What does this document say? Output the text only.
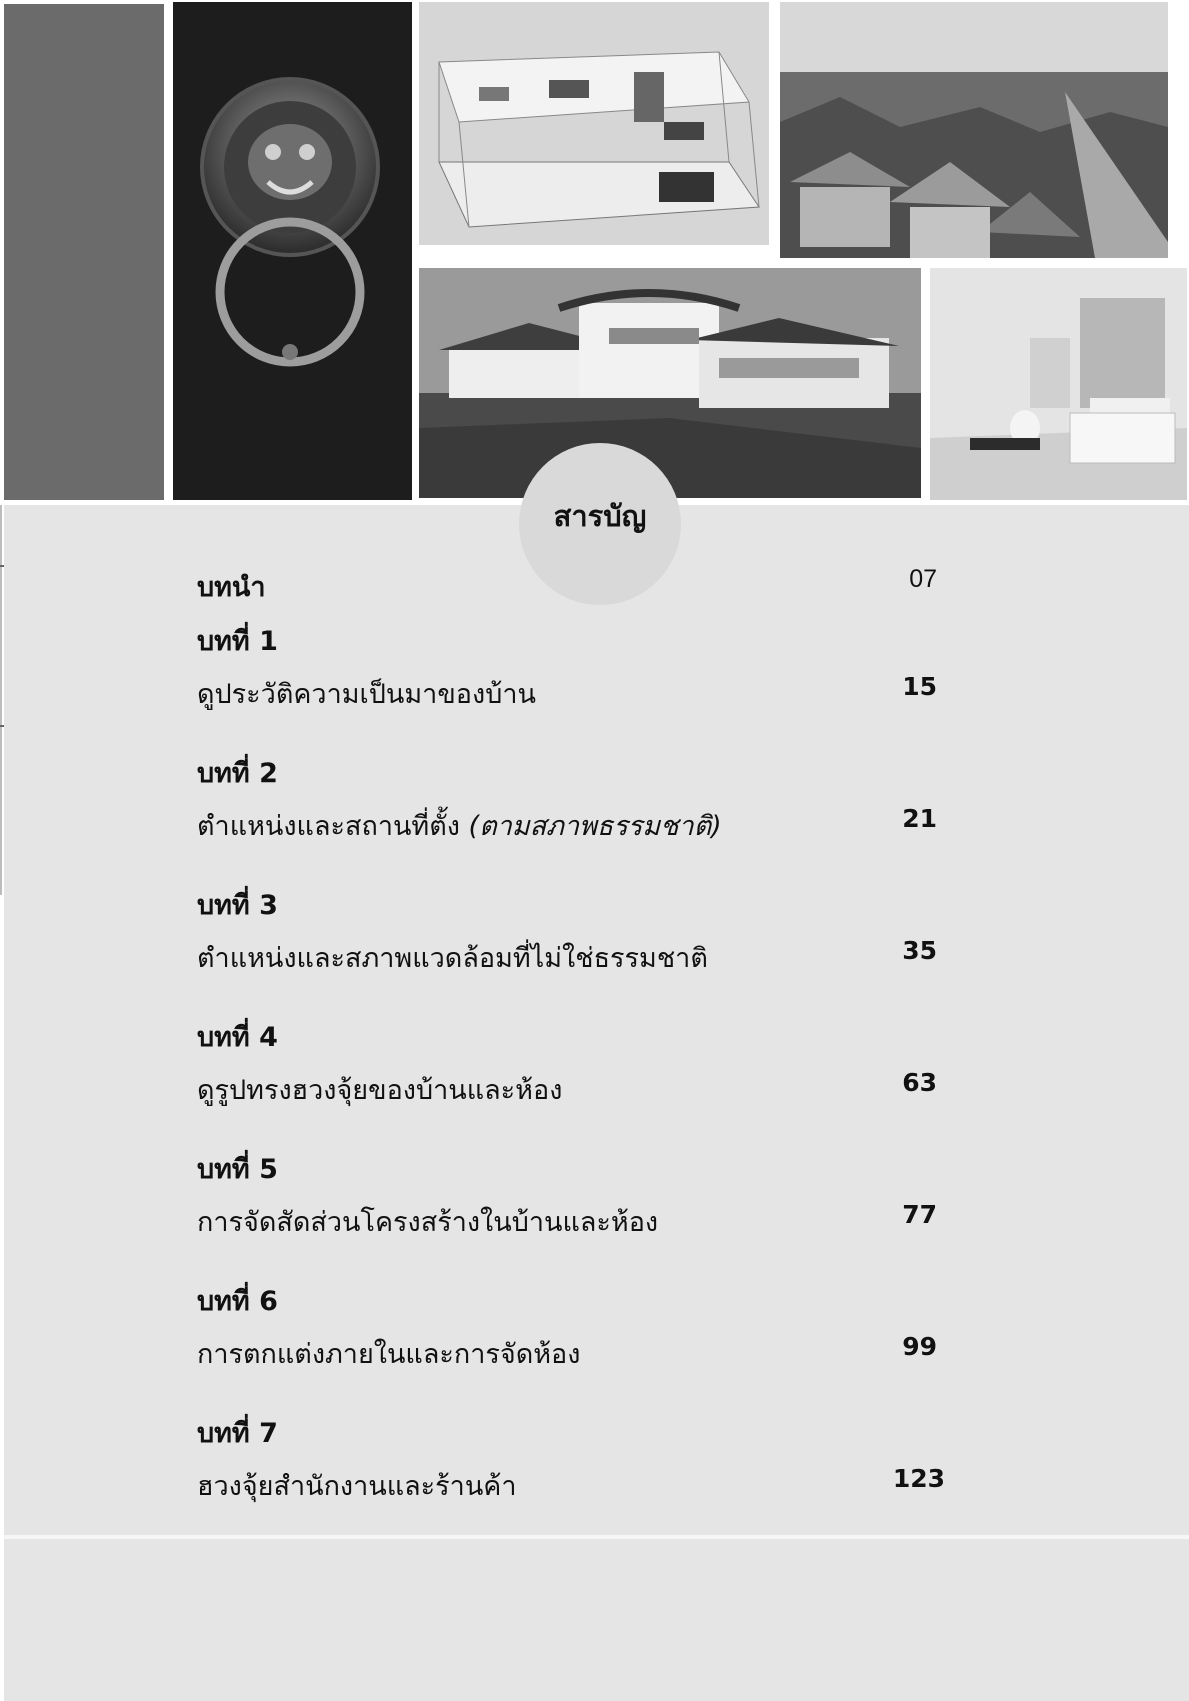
สารบัญ
บทนำ	07
บทที่ 1
ดูประวัติความเป็นมาของบ้าน	15
บทที่ 2
ตำแหน่งและสถานที่ตั้ง (ตามสภาพธรรมชาติ)	21
บทที่ 3
ตำแหน่งและสภาพแวดล้อมที่ไม่ใช่ธรรมชาติ	35
บทที่ 4
ดูรูปทรงฮวงจุ้ยของบ้านและห้อง	63
บทที่ 5
การจัดสัดส่วนโครงสร้างในบ้านและห้อง	77
บทที่ 6
การตกแต่งภายในและการจัดห้อง	99
บทที่ 7
ฮวงจุ้ยสำนักงานและร้านค้า	123
